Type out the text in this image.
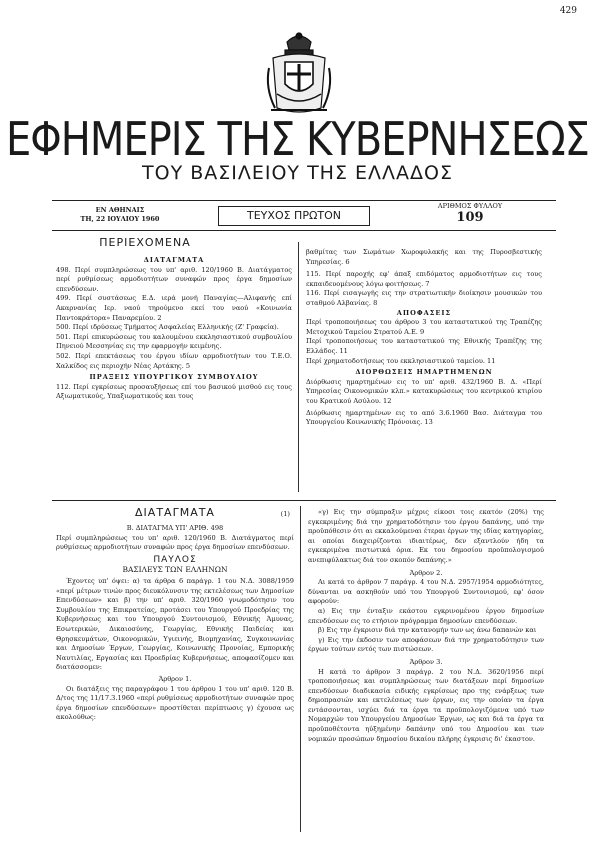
429
ΕΦΗΜΕΡΙΣ ΤΗΣ ΚΥΒΕΡΝΗΣΕΩΣ
ΤΟΥ ΒΑΣΙΛΕΙΟΥ ΤΗΣ ΕΛΛΑΔΟΣ
ΕΝ ΑΘΗΝΑΙΣ
ΤΗ, 22 ΙΟΥΛΙΟΥ 1960	ΤΕΥΧΟΣ ΠΡΩΤΟΝ
ΑΡΙΘΜΟΣ ΦΥΛΛΟΥ
109
ΠΕΡΙΕΧΟΜΕΝΑ
ΔΙΑΤΑΓΜΑΤΑ

498. Περί συμπληρώσεως του υπ' αριθ. 120/1960 Β. Διατάγματος περί ρυθμίσεως αρμοδιοτήτων συναφών προς έργα δημοσίων επενδύσεων.

499. Περί συστάσεως Ε.Δ. ιερά μονή Παναγίας—Αλιφανής επί Ακαρνανίας Ιερ. ναού τηρούμενο εκεί του ναού «Κοινωνία Παντοκράτορα» Παναρεμίου. 2

500. Περί ιδρύσεως Τμήματος Ασφαλείας Ελληνικής (Ζ' Γραφεία).

501. Περί επικυρώσεως του καλουμένου εκκλησιαστικού συμβουλίου Πηνειού Μεσσηνίας εις την εφαρμογήν κειμένης.

502. Περί επεκτάσεως του έργου ιδίων αρμοδιοτήτων του Τ.Ε.Ο. Χαλκίδος εις περιοχήν Νέας Αρτάκης. 5

ΠΡΑΞΕΙΣ ΥΠΟΥΡΓΙΚΟΥ ΣΥΜΒΟΥΛΙΟΥ

112. Περί εγκρίσεως προσαυξήσεως επί του βασικού μισθού εις τους Αξιωματικούς, Υπαξιωματικούς και τους

βαθμίτας των Σωμάτων Χωροφυλακής και της Πυροσβεστικής Υπηρεσίας. 6

115. Περί παροχής εφ' άπαξ επιδόματος αρμοδιοτήτων εις τους εκπαιδευομένους λόγω φοιτήσεως. 7

116. Περί εισαγωγής εις την στρατιωτικήν διοίκησιν μουσικών του σταθμού Αλβανίας. 8

ΑΠΟΦΑΣΕΙΣ

Περί τροποποιήσεως του άρθρου 3 του καταστατικού της Τραπέζης Μετοχικού Ταμείου Στρατού Α.Ε. 9

Περί τροποποιήσεως του καταστατικού της Εθνικής Τραπέζης της Ελλάδος. 11

Περί χρηματοδοτήσεως του εκκλησιαστικού ταμείου. 11

ΔΙΟΡΘΩΣΕΙΣ ΗΜΑΡΤΗΜΕΝΩΝ

Διόρθωσις ημαρτημένων εις το υπ' αριθ. 432/1960 Β. Δ. «Περί Υπηρεσίας Οικονομικών κλπ.» κατακυρώσεως του κεντρικού κτιρίου του Κρατικού Ασύλου. 12

Διόρθωσις ημαρτημένων εις το από 3.6.1960 Βασ. Διάταγμα του Υπουργείου Κοινωνικής Πρόνοιας. 13

ΔΙΑΤΑΓΜΑΤΑ	(1)
Β. ΔΙΑΤΑΓΜΑ ΥΠ' ΑΡΙΘ. 498

Περί συμπληρώσεως του υπ' αριθ. 120/1960 Β. Διατάγματος περί ρυθμίσεως αρμοδιοτήτων συναφών προς έργα δημοσίων επενδύσεων.

ΠΑΥΛΟΣ
ΒΑΣΙΛΕΥΣ ΤΩΝ ΕΛΛΗΝΩΝ

Έχοντες υπ' όψει: α) τα άρθρα 6 παράγρ. 1 του Ν.Δ. 3088/1959 «περί μέτρων τινών προς διευκόλυνσιν της εκτελέσεως των Δημοσίων Επενδύσεων» και β) την υπ' αριθ. 320/1960 γνωμοδότησιν του Συμβουλίου της Επικρατείας, προτάσει του Υπουργού Προεδρίας της Κυβερνήσεως και του Υπουργού Συντονισμού, Εθνικής Άμυνας, Εσωτερικών, Δικαιοσύνης, Γεωργίας, Εθνικής Παιδείας και Θρησκευμάτων, Οικονομικών, Υγιεινής, Βιομηχανίας, Συγκοινωνίας και Δημοσίων Έργων, Γεωργίας, Κοινωνικής Προνοίας, Εμπορικής Ναυτιλίας, Εργασίας και Προεδρίας Κυβερνήσεως, αποφασίζομεν και διατάσσομεν:

Άρθρον 1.

Οι διατάξεις της παραγράφου 1 του άρθρου 1 του υπ' αριθ. 120 Β. Δ/τος της 11/17.3.1960 «περί ρυθμίσεως αρμοδιοτήτων συναφών προς έργα δημοσίων επενδύσεων» προστίθεται περίπτωσις γ) έχουσα ως ακολούθως:

«γ) Εις την σύμπραξιν μέχρις είκοσι τοις εκατόν (20%) της εγκεκριμένης διά την χρηματοδότησιν του έργου δαπάνης, υπό την προϋπόθεσιν ότι αι εκκαλούμεναι έτεραι έργων της ιδίας κατηγορίας, αι οποίαι διαχειρίζονται ιδιαιτέρως, δεν εξαντλούν ήδη τα εγκεκριμένα πιστωτικά όρια. Εκ του δημοσίου προϋπολογισμού ανεπιφύλακτως διά τον σκοπόν δαπάνης.»

Άρθρον 2.

Αι κατά το άρθρον 7 παράγρ. 4 του Ν.Δ. 2957/1954 αρμοδιότητες, δύνανται να ασκηθούν υπό του Υπουργού Συντονισμού, εφ' όσον αφορούν:

α) Εις την ένταξιν εκάστου εγκρινομένου έργου δημοσίων επενδύσεων εις το ετήσιον πρόγραμμα δημοσίων επενδύσεων.

β) Εις την έγκρισιν διά την κατανομήν των ως άνω δαπανών και

γ) Εις την έκδοσιν των αποφάσεων διά την χρηματοδότησιν των έργων τούτων εντός των πιστώσεων.

Άρθρον 3.

Η κατά το άρθρον 3 παράγρ. 2 του Ν.Δ. 3620/1956 περί τροποποιήσεως και συμπληρώσεως των διατάξεων περί δημοσίων επενδύσεων διαδικασία ειδικής εγκρίσεως προ της ενάρξεως των δημοπρασιών και εκτελέσεως των έργων, εις την οποίαν τα έργα εντάσσονται, ισχύει διά τα έργα τα προϋπολογιζόμενα υπό των Νομαρχών του Υπουργείου Δημοσίων Έργων, ως και διά τα έργα τα προϋποθέτοντα ηύξημένην δαπάνην υπό του Δημοσίου και των νομικών προσώπων δημοσίου δικαίου πλήρης έγκρισις δι' έκαστον.
